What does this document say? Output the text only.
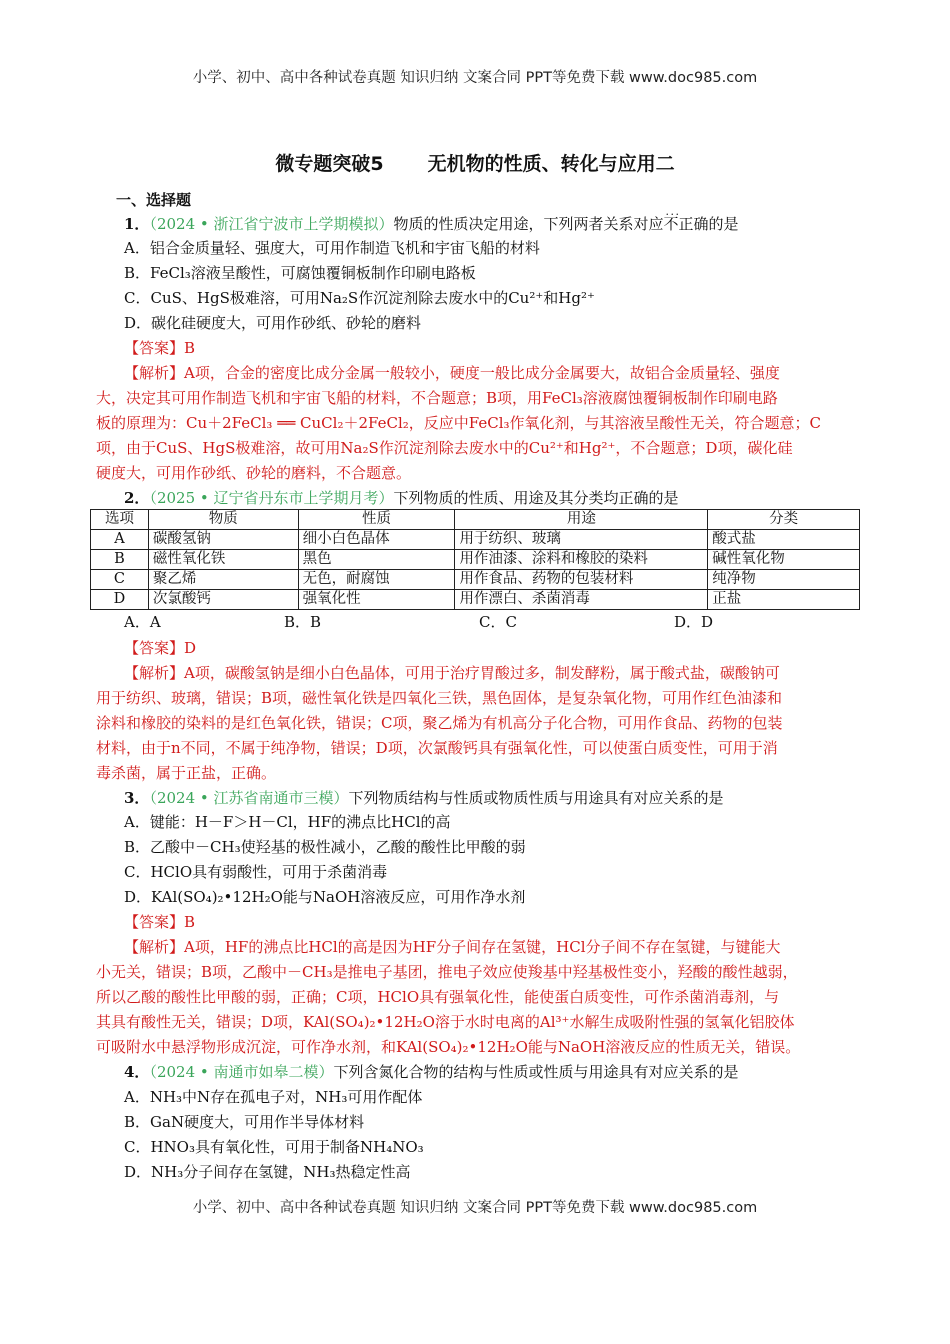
小学、初中、高中各种试卷真题 知识归纳 文案合同 PPT等免费下载 www.doc985.com
微专题突破5 无机物的性质、转化与应用二
一、选择题
1．（2024 • 浙江省宁波市上学期模拟）物质的性质决定用途，下列两者关系对应· · · 不正确的是
A．铝合金质量轻、强度大，可用作制造飞机和宇宙飞船的材料
B．FeCl₃溶液呈酸性，可腐蚀覆铜板制作印刷电路板
C．CuS、HgS极难溶，可用Na₂S作沉淀剂除去废水中的Cu²⁺和Hg²⁺
D．碳化硅硬度大，可用作砂纸、砂轮的磨料
【答案】B
【解析】A项，合金的密度比成分金属一般较小，硬度一般比成分金属要大，故铝合金质量轻、强度
大，决定其可用作制造飞机和宇宙飞船的材料，不合题意；B项，用FeCl₃溶液腐蚀覆铜板制作印刷电路
板的原理为：Cu＋2FeCl₃ ══ CuCl₂＋2FeCl₂，反应中FeCl₃作氧化剂，与其溶液呈酸性无关，符合题意；C
项，由于CuS、HgS极难溶，故可用Na₂S作沉淀剂除去废水中的Cu²⁺和Hg²⁺，不合题意；D项，碳化硅
硬度大，可用作砂纸、砂轮的磨料，不合题意。
2．（2025 • 辽宁省丹东市上学期月考）下列物质的性质、用途及其分类均正确的是
选项	物质	性质	用途	分类
A	碳酸氢钠	细小白色晶体	用于纺织、玻璃	酸式盐
B	磁性氧化铁	黑色	用作油漆、涂料和橡胶的染料	碱性氧化物
C	聚乙烯	无色，耐腐蚀	用作食品、药物的包装材料	纯净物
D	次氯酸钙	强氧化性	用作漂白、杀菌消毒	正盐
A．A	B．B	C．C	D．D
【答案】D
【解析】A项，碳酸氢钠是细小白色晶体，可用于治疗胃酸过多，制发酵粉，属于酸式盐，碳酸钠可
用于纺织、玻璃，错误；B项，磁性氧化铁是四氧化三铁，黑色固体，是复杂氧化物，可用作红色油漆和
涂料和橡胶的染料的是红色氧化铁，错误；C项，聚乙烯为有机高分子化合物，可用作食品、药物的包装
材料，由于n不同，不属于纯净物，错误；D项，次氯酸钙具有强氧化性，可以使蛋白质变性，可用于消
毒杀菌，属于正盐，正确。
3．（2024 • 江苏省南通市三模）下列物质结构与性质或物质性质与用途具有对应关系的是
A．键能：H－F＞H－Cl，HF的沸点比HCl的高
B．乙酸中－CH₃使羟基的极性减小，乙酸的酸性比甲酸的弱
C．HClO具有弱酸性，可用于杀菌消毒
D．KAl(SO₄)₂•12H₂O能与NaOH溶液反应，可用作净水剂
【答案】B
【解析】A项，HF的沸点比HCl的高是因为HF分子间存在氢键，HCl分子间不存在氢键，与键能大
小无关，错误；B项，乙酸中－CH₃是推电子基团，推电子效应使羧基中羟基极性变小，羟酸的酸性越弱，
所以乙酸的酸性比甲酸的弱，正确；C项，HClO具有强氧化性，能使蛋白质变性，可作杀菌消毒剂，与
其具有酸性无关，错误；D项，KAl(SO₄)₂•12H₂O溶于水时电离的Al³⁺水解生成吸附性强的氢氧化铝胶体
可吸附水中悬浮物形成沉淀，可作净水剂，和KAl(SO₄)₂•12H₂O能与NaOH溶液反应的性质无关，错误。
4．（2024 • 南通市如皋二模）下列含氮化合物的结构与性质或性质与用途具有对应关系的是
A．NH₃中N存在孤电子对，NH₃可用作配体
B．GaN硬度大，可用作半导体材料
C．HNO₃具有氧化性，可用于制备NH₄NO₃
D．NH₃分子间存在氢键，NH₃热稳定性高
小学、初中、高中各种试卷真题 知识归纳 文案合同 PPT等免费下载 www.doc985.com
